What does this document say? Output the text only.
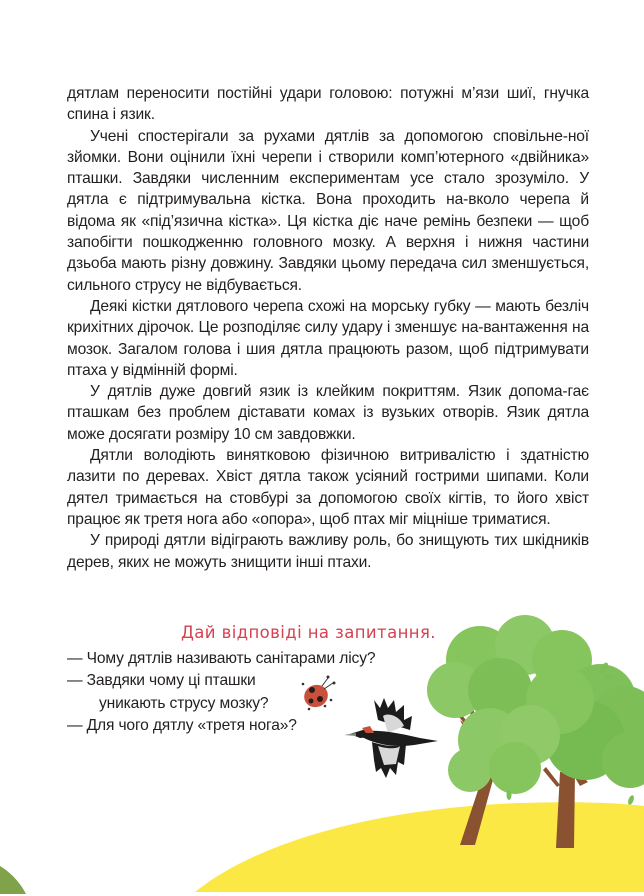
дятлам переносити постійні удари головою: потужні м’язи шиї, гнучка спина і язик.

Учені спостерігали за рухами дятлів за допомогою сповільне-ної зйомки. Вони оцінили їхні черепи і створили комп’ютерного «двійника» пташки. Завдяки численним експериментам усе стало зрозуміло. У дятла є підтримувальна кістка. Вона проходить на-вколо черепа й відома як «під’язична кістка». Ця кістка діє наче ремінь безпеки — щоб запобігти пошкодженню головного мозку. А верхня і нижня частини дзьоба мають різну довжину. Завдяки цьому передача сил зменшується, сильного струсу не відбувається.

Деякі кістки дятлового черепа схожі на морську губку — мають безліч крихітних дірочок. Це розподіляє силу удару і зменшує на-вантаження на мозок. Загалом голова і шия дятла працюють разом, щоб підтримувати птаха у відмінній формі.

У дятлів дуже довгий язик із клейким покриттям. Язик допома-гає пташкам без проблем діставати комах із вузьких отворів. Язик дятла може досягати розміру 10 см завдовжки.

Дятли володіють винятковою фізичною витривалістю і здатністю лазити по деревах. Хвіст дятла також усіяний гострими шипами. Коли дятел тримається на стовбурі за допомогою своїх кігтів, то його хвіст працює як третя нога або «опора», щоб птах міг міцніше триматися.

У природі дятли відіграють важливу роль, бо знищують тих шкідників дерев, яких не можуть знищити інші птахи.

Дай відповіді на запитання.
— Чому дятлів називають санітарами лісу?
— Завдяки чому ці пташки
уникають струсу мозку?
— Для чого дятлу «третя нога»?
